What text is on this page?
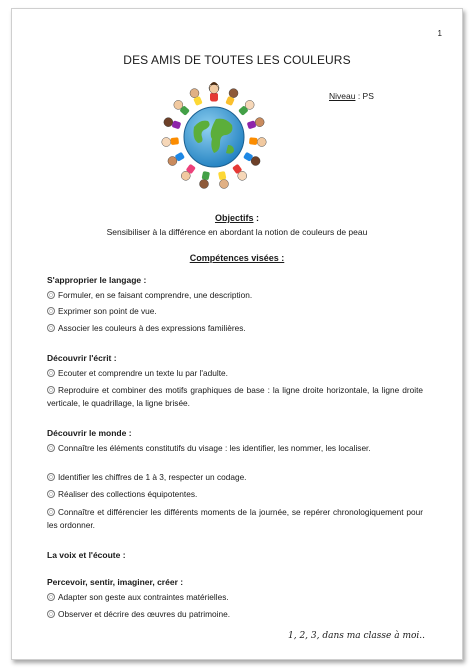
1
DES AMIS DE TOUTES LES COULEURS
Niveau : PS
Objectifs :
Sensibiliser à la différence en abordant la notion de couleurs de peau
Compétences visées :
S'approprier le langage :
Formuler, en se faisant comprendre, une description.
Exprimer son point de vue.
Associer les couleurs à des expressions familières.
Découvrir l'écrit :
Ecouter et comprendre un texte lu par l'adulte.
Reproduire et combiner des motifs graphiques de base : la ligne droite horizontale, la ligne droite verticale, le quadrillage, la ligne brisée.
Découvrir le monde :
Connaître les éléments constitutifs du visage : les identifier, les nommer, les localiser.
Identifier les chiffres de 1 à 3, respecter un codage.
Réaliser des collections équipotentes.
Connaître et différencier les différents moments de la journée, se repérer chronologiquement pour les ordonner.
La voix et l'écoute :
Percevoir, sentir, imaginer, créer :
Adapter son geste aux contraintes matérielles.
Observer et décrire des œuvres du patrimoine.
1, 2, 3, dans ma classe à moi..
